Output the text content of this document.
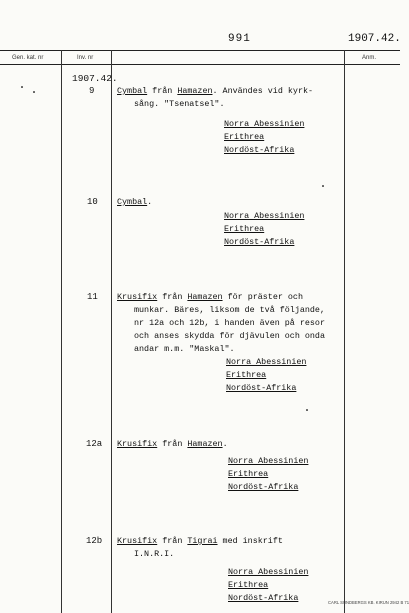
991	1907.42.
Gen. kat. nr	Inv. nr	Anm.
1907.42.
9	Cymbal från Hamazen. Användes vid kyrk-
sång. "Tsenatsel".
Norra Abessinien
Erithrea
Nordöst-Afrika
10 Cymbal.
Norra Abessinien
Erithrea
Nordöst-Afrika
11 Krusifix från Hamazen för präster och
munkar. Bäres, liksom de två följande,
nr 12a och 12b, i handen även på resor
och anses skydda för djävulen och onda
andar m.m. "Maskal".
Norra Abessinien
Erithrea
Nordöst-Afrika
12a Krusifix från Hamazen.
Norra Abessinien
Erithrea
Nordöst-Afrika
12b Krusifix från Tigrai med inskrift
I.N.R.I.
Norra Abessinien
Erithrea
Nordöst-Afrika	CARL SUNDBERGS KB. KIRUN 2942 B 71
